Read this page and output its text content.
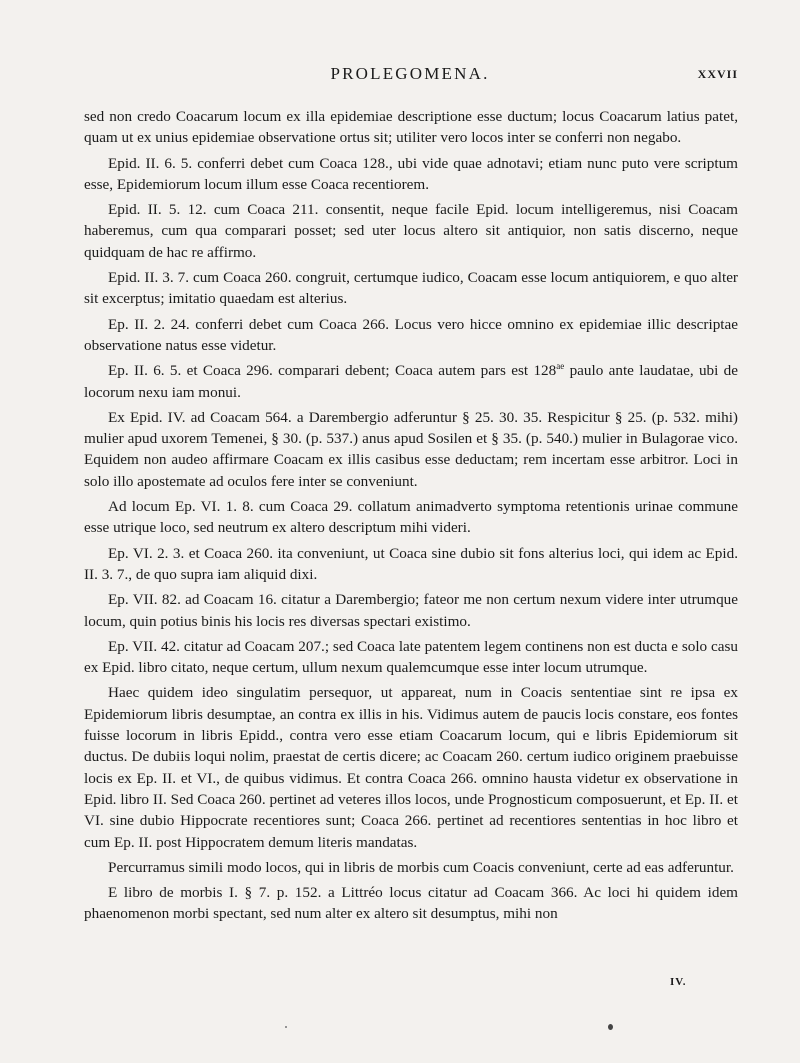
PROLEGOMENA.	XXVII

sed non credo Coacarum locum ex illa epidemiae descriptione esse ductum; locus Coacarum latius patet, quam ut ex unius epidemiae observatione ortus sit; utiliter vero locos inter se conferri non negabo.

Epid. II. 6. 5. conferri debet cum Coaca 128., ubi vide quae adnotavi; etiam nunc puto vere scriptum esse, Epidemiorum locum illum esse Coaca recentiorem.

Epid. II. 5. 12. cum Coaca 211. consentit, neque facile Epid. locum intelligeremus, nisi Coacam haberemus, cum qua comparari posset; sed uter locus altero sit antiquior, non satis discerno, neque quidquam de hac re affirmo.

Epid. II. 3. 7. cum Coaca 260. congruit, certumque iudico, Coacam esse locum antiquiorem, e quo alter sit excerptus; imitatio quaedam est alterius.

Ep. II. 2. 24. conferri debet cum Coaca 266. Locus vero hicce omnino ex epidemiae illic descriptae observatione natus esse videtur.

Ep. II. 6. 5. et Coaca 296. comparari debent; Coaca autem pars est $128^{ae}$ paulo ante laudatae, ubi de locorum nexu iam monui.

Ex Epid. IV. ad Coacam 564. a Darembergio adferuntur § 25. 30. 35. Respicitur § 25. (p. 532. mihi) mulier apud uxorem Temenei, § 30. (p. 537.) anus apud Sosilen et § 35. (p. 540.) mulier in Bulagorae vico. Equidem non audeo affirmare Coacam ex illis casibus esse deductam; rem incertam esse arbitror. Loci in solo illo apostemate ad oculos fere inter se conveniunt.

Ad locum Ep. VI. 1. 8. cum Coaca 29. collatum animadverto symptoma retentionis urinae commune esse utrique loco, sed neutrum ex altero descriptum mihi videri.

Ep. VI. 2. 3. et Coaca 260. ita conveniunt, ut Coaca sine dubio sit fons alterius loci, qui idem ac Epid. II. 3. 7., de quo supra iam aliquid dixi.

Ep. VII. 82. ad Coacam 16. citatur a Darembergio; fateor me non certum nexum videre inter utrumque locum, quin potius binis his locis res diversas spectari existimo.

Ep. VII. 42. citatur ad Coacam 207.; sed Coaca late patentem legem continens non est ducta e solo casu ex Epid. libro citato, neque certum, ullum nexum qualemcumque esse inter locum utrumque.

Haec quidem ideo singulatim persequor, ut appareat, num in Coacis sententiae sint re ipsa ex Epidemiorum libris desumptae, an contra ex illis in his. Vidimus autem de paucis locis constare, eos fontes fuisse locorum in libris Epidd., contra vero esse etiam Coacarum locum, qui e libris Epidemiorum sit ductus. De dubiis loqui nolim, praestat de certis dicere; ac Coacam 260. certum iudico originem praebuisse locis ex Ep. II. et VI., de quibus vidimus. Et contra Coaca 266. omnino hausta videtur ex observatione in Epid. libro II. Sed Coaca 260. pertinet ad veteres illos locos, unde Prognosticum composuerunt, et Ep. II. et VI. sine dubio Hippocrate recentiores sunt; Coaca 266. pertinet ad recentiores sententias in hoc libro et cum Ep. II. post Hippocratem demum literis mandatas.

Percurramus simili modo locos, qui in libris de morbis cum Coacis conveniunt, certe ad eas adferuntur.

E libro de morbis I. § 7. p. 152. a Littréo locus citatur ad Coacam 366. Ac loci hi quidem idem phaenomenon morbi spectant, sed num alter ex altero sit desumptus, mihi non

IV.
